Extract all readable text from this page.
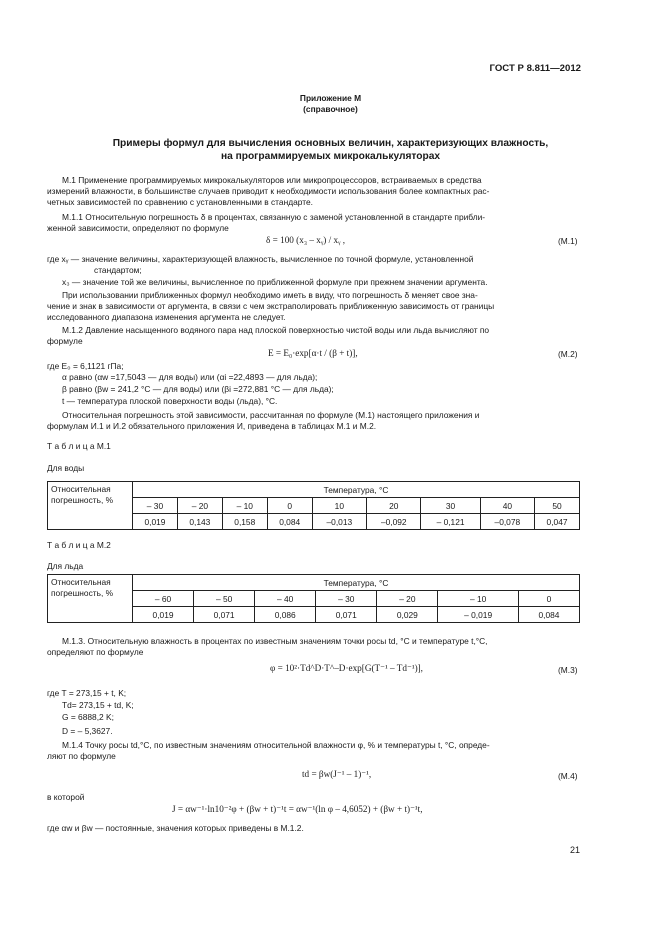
ГОСТ Р 8.811—2012
Приложение М
(справочное)
Примеры формул для вычисления основных величин, характеризующих влажность,
на программируемых микрокалькуляторах
М.1 Применение программируемых микрокалькуляторов или микропроцессоров, встраиваемых в средства
измерений влажности, в большинстве случаев приводит к необходимости использования более компактных рас-
четных зависимостей по сравнению с установленными в стандарте.
М.1.1 Относительную погрешность δ в процентах, связанную с заменой установленной в стандарте прибли-
женной зависимости, определяют по формуле
δ = 100 (x₃ – xᵧ) / xᵧ ,	(М.1)
где xᵧ — значение величины, характеризующей влажность, вычисленное по точной формуле, установленной
стандартом;
x₃ — значение той же величины, вычисленное по приближенной формуле при прежнем значении аргумента.
При использовании приближенных формул необходимо иметь в виду, что погрешность δ меняет свое зна-
чение и знак в зависимости от аргумента, в связи с чем экстраполировать приближенную зависимость от границы
исследованного диапазона изменения аргумента не следует.
М.1.2 Давление насыщенного водяного пара над плоской поверхностью чистой воды или льда вычисляют по
формуле
E = E₀·exp[α·t / (β + t)],	(М.2)
где E₀ = 6,1121 гПа;
α равно (αw =17,5043 — для воды) или (αi =22,4893 — для льда);
β равно (βw = 241,2 °C — для воды) или (βi =272,881 °C — для льда);
t — температура плоской поверхности воды (льда), °С.
Относительная погрешность этой зависимости, рассчитанная по формуле (М.1) настоящего приложения и
формулам И.1 и И.2 обязательного приложения И, приведена в таблицах М.1 и М.2.
Т а б л и ц а М.1
Для воды
Относительная погрешность, %	Температура, °С								
	– 30	– 20	– 10	0	10	20	30	40	50
	0,019	0,143	0,158	0,084	–0,013	–0,092	– 0,121	–0,078	0,047
Т а б л и ц а М.2
Для льда
Относительная погрешность, %	Температура, °С						
	– 60	– 50	– 40	– 30	– 20	– 10	0
	0,019	0,071	0,086	0,071	0,029	– 0,019	0,084
М.1.3. Относительную влажность в процентах по известным значениям точки росы td, °С и температуре t,°С,
определяют по формуле
φ = 10²·Td^D·T^–D·exp[G(T⁻¹ – Td⁻¹)],	(М.3)
где T = 273,15 + t, K;
Td= 273,15 + td, K;
G = 6888,2 K;
D = – 5,3627.
М.1.4 Точку росы td,°С, по известным значениям относительной влажности φ, % и температуры t, °С, опреде-
ляют по формуле
td = βw(J⁻¹ – 1)⁻¹,	(М.4)
в которой
J = αw⁻¹·ln10⁻²φ + (βw + t)⁻¹t = αw⁻¹(ln φ – 4,6052) + (βw + t)⁻¹t,
где αw и βw — постоянные, значения которых приведены в М.1.2.
21
